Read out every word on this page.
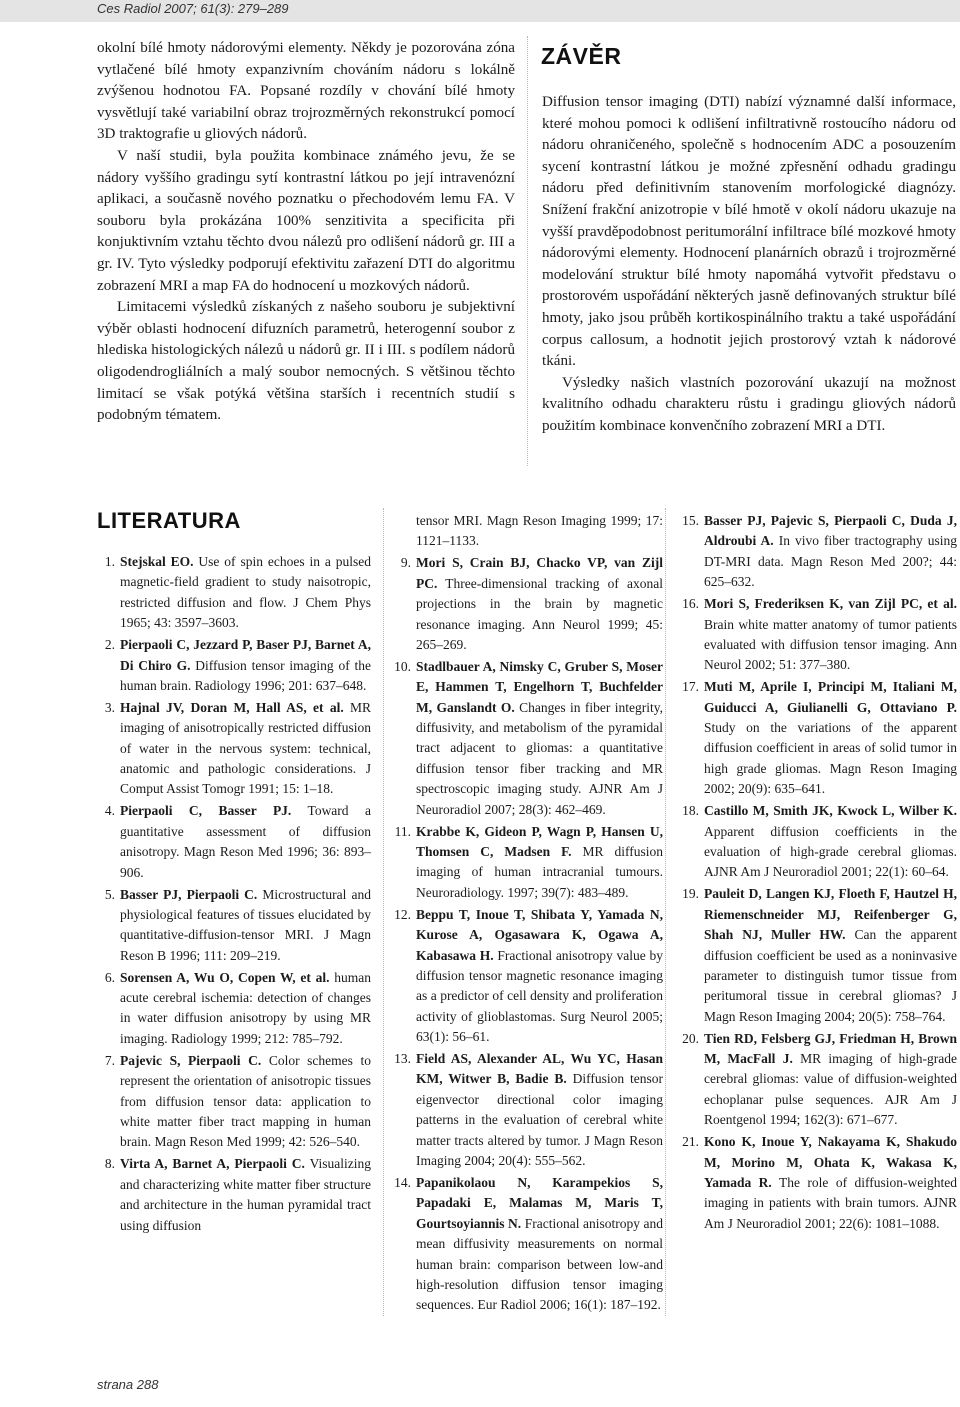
Ces Radiol 2007; 61(3): 279–289

okolní bílé hmoty nádorovými elementy. Někdy je pozorována zóna vytlačené bílé hmoty expanzivním chováním nádoru s lokálně zvýšenou hodnotou FA. Popsané rozdíly v chování bílé hmoty vysvětlují také variabilní obraz trojrozměrných rekonstrukcí pomocí 3D traktografie u gliových nádorů.

V naší studii, byla použita kombinace známého jevu, že se nádory vyššího gradingu sytí kontrastní látkou po její intravenózní aplikaci, a současně nového poznatku o přechodovém lemu FA. V souboru byla prokázána 100% senzitivita a specificita při konjuktivním vztahu těchto dvou nálezů pro odlišení nádorů gr. III a gr. IV. Tyto výsledky podporují efektivitu zařazení DTI do algoritmu zobrazení MRI a map FA do hodnocení u mozkových nádorů.

Limitacemi výsledků získaných z našeho souboru je subjektivní výběr oblasti hodnocení difuzních parametrů, heterogenní soubor z hlediska histologických nálezů u nádorů gr. II i III. s podílem nádorů oligodendrogliálních a malý soubor nemocných. S většinou těchto limitací se však potýká většina starších i recentních studií s podobným tématem.

ZÁVĚR

Diffusion tensor imaging (DTI) nabízí významné další informace, které mohou pomoci k odlišení infiltrativně rostoucího nádoru od nádoru ohraničeného, společně s hodnocením ADC a posouzením sycení kontrastní látkou je možné zpřesnění odhadu gradingu nádoru před definitivním stanovením morfologické diagnózy. Snížení frakční anizotropie v bílé hmotě v okolí nádoru ukazuje na vyšší pravděpodobnost peritumorální infiltrace bílé mozkové hmoty nádorovými elementy. Hodnocení planárních obrazů i trojrozměrné modelování struktur bílé hmoty napomáhá vytvořit představu o prostorovém uspořádání některých jasně definovaných struktur bílé hmoty, jako jsou průběh kortikospinálního traktu a také uspořádání corpus callosum, a hodnotit jejich prostorový vztah k nádorové tkáni.

Výsledky našich vlastních pozorování ukazují na možnost kvalitního odhadu charakteru růstu i gradingu gliových nádorů použitím kombinace konvenčního zobrazení MRI a DTI.

LITERATURA
1. Stejskal EO. Use of spin echoes in a pulsed magnetic-field gradient to study naisotropic, restricted diffusion and flow. J Chem Phys 1965; 43: 3597–3603.
2. Pierpaoli C, Jezzard P, Baser PJ, Barnet A, Di Chiro G. Diffusion tensor imaging of the human brain. Radiology 1996; 201: 637–648.
3. Hajnal JV, Doran M, Hall AS, et al. MR imaging of anisotropically restricted diffusion of water in the nervous system: technical, anatomic and pathologic considerations. J Comput Assist Tomogr 1991; 15: 1–18.
4. Pierpaoli C, Basser PJ. Toward a guantitative assessment of diffusion anisotropy. Magn Reson Med 1996; 36: 893–906.
5. Basser PJ, Pierpaoli C. Microstructural and physiological features of tissues elucidated by quantitative-diffusion-tensor MRI. J Magn Reson B 1996; 111: 209–219.
6. Sorensen A, Wu O, Copen W, et al. human acute cerebral ischemia: detection of changes in water diffusion anisotropy by using MR imaging. Radiology 1999; 212: 785–792.
7. Pajevic S, Pierpaoli C. Color schemes to represent the orientation of anisotropic tissues from diffusion tensor data: application to white matter fiber tract mapping in human brain. Magn Reson Med 1999; 42: 526–540.
8. Virta A, Barnet A, Pierpaoli C. Visualizing and characterizing white matter fiber structure and architecture in the human pyramidal tract using diffusion
tensor MRI. Magn Reson Imaging 1999; 17: 1121–1133.
9. Mori S, Crain BJ, Chacko VP, van Zijl PC. Three-dimensional tracking of axonal projections in the brain by magnetic resonance imaging. Ann Neurol 1999; 45: 265–269.
10. Stadlbauer A, Nimsky C, Gruber S, Moser E, Hammen T, Engelhorn T, Buchfelder M, Ganslandt O. Changes in fiber integrity, diffusivity, and metabolism of the pyramidal tract adjacent to gliomas: a quantitative diffusion tensor fiber tracking and MR spectroscopic imaging study. AJNR Am J Neuroradiol 2007; 28(3): 462–469.
11. Krabbe K, Gideon P, Wagn P, Hansen U, Thomsen C, Madsen F. MR diffusion imaging of human intracranial tumours. Neuroradiology. 1997; 39(7): 483–489.
12. Beppu T, Inoue T, Shibata Y, Yamada N, Kurose A, Ogasawara K, Ogawa A, Kabasawa H. Fractional anisotropy value by diffusion tensor magnetic resonance imaging as a predictor of cell density and proliferation activity of glioblastomas. Surg Neurol 2005; 63(1): 56–61.
13. Field AS, Alexander AL, Wu YC, Hasan KM, Witwer B, Badie B. Diffusion tensor eigenvector directional color imaging patterns in the evaluation of cerebral white matter tracts altered by tumor. J Magn Reson Imaging 2004; 20(4): 555–562.
14. Papanikolaou N, Karampekios S, Papadaki E, Malamas M, Maris T, Gourtsoyiannis N. Fractional anisotropy and mean diffusivity measurements on normal human brain: comparison between low-and high-resolution diffusion tensor imaging sequences. Eur Radiol 2006; 16(1): 187–192.
15. Basser PJ, Pajevic S, Pierpaoli C, Duda J, Aldroubi A. In vivo fiber tractography using DT-MRI data. Magn Reson Med 200?; 44: 625–632.
16. Mori S, Frederiksen K, van Zijl PC, et al. Brain white matter anatomy of tumor patients evaluated with diffusion tensor imaging. Ann Neurol 2002; 51: 377–380.
17. Muti M, Aprile I, Principi M, Italiani M, Guiducci A, Giulianelli G, Ottaviano P. Study on the variations of the apparent diffusion coefficient in areas of solid tumor in high grade gliomas. Magn Reson Imaging 2002; 20(9): 635–641.
18. Castillo M, Smith JK, Kwock L, Wilber K. Apparent diffusion coefficients in the evaluation of high-grade cerebral gliomas. AJNR Am J Neuroradiol 2001; 22(1): 60–64.
19. Pauleit D, Langen KJ, Floeth F, Hautzel H, Riemenschneider MJ, Reifenberger G, Shah NJ, Muller HW. Can the apparent diffusion coefficient be used as a noninvasive parameter to distinguish tumor tissue from peritumoral tissue in cerebral gliomas? J Magn Reson Imaging 2004; 20(5): 758–764.
20. Tien RD, Felsberg GJ, Friedman H, Brown M, MacFall J. MR imaging of high-grade cerebral gliomas: value of diffusion-weighted echoplanar pulse sequences. AJR Am J Roentgenol 1994; 162(3): 671–677.
21. Kono K, Inoue Y, Nakayama K, Shakudo M, Morino M, Ohata K, Wakasa K, Yamada R. The role of diffusion-weighted imaging in patients with brain tumors. AJNR Am J Neuroradiol 2001; 22(6): 1081–1088.
strana 288
